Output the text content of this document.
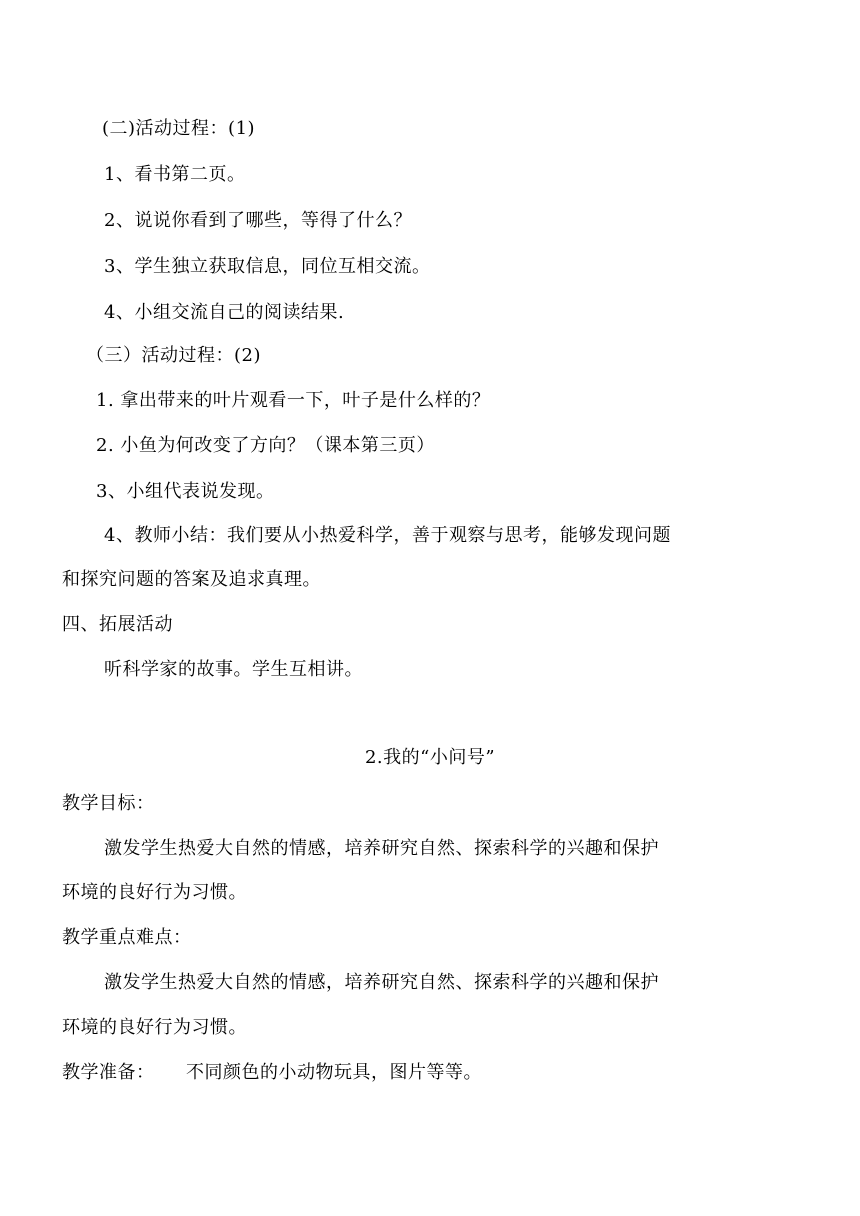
(二)活动过程：(1)
1、看书第二页。
2、说说你看到了哪些，等得了什么？
3、学生独立获取信息，同位互相交流。
4、小组交流自己的阅读结果.
（三）活动过程：(2)
1. 拿出带来的叶片观看一下，叶子是什么样的？
2. 小鱼为何改变了方向？（课本第三页）
3、小组代表说发现。
4、教师小结：我们要从小热爱科学，善于观察与思考，能够发现问题
和探究问题的答案及追求真理。
四、拓展活动
听科学家的故事。学生互相讲。
2.我的“小问号”
教学目标：
激发学生热爱大自然的情感，培养研究自然、探索科学的兴趣和保护
环境的良好行为习惯。
教学重点难点：
激发学生热爱大自然的情感，培养研究自然、探索科学的兴趣和保护
环境的良好行为习惯。
教学准备： 不同颜色的小动物玩具，图片等等。
